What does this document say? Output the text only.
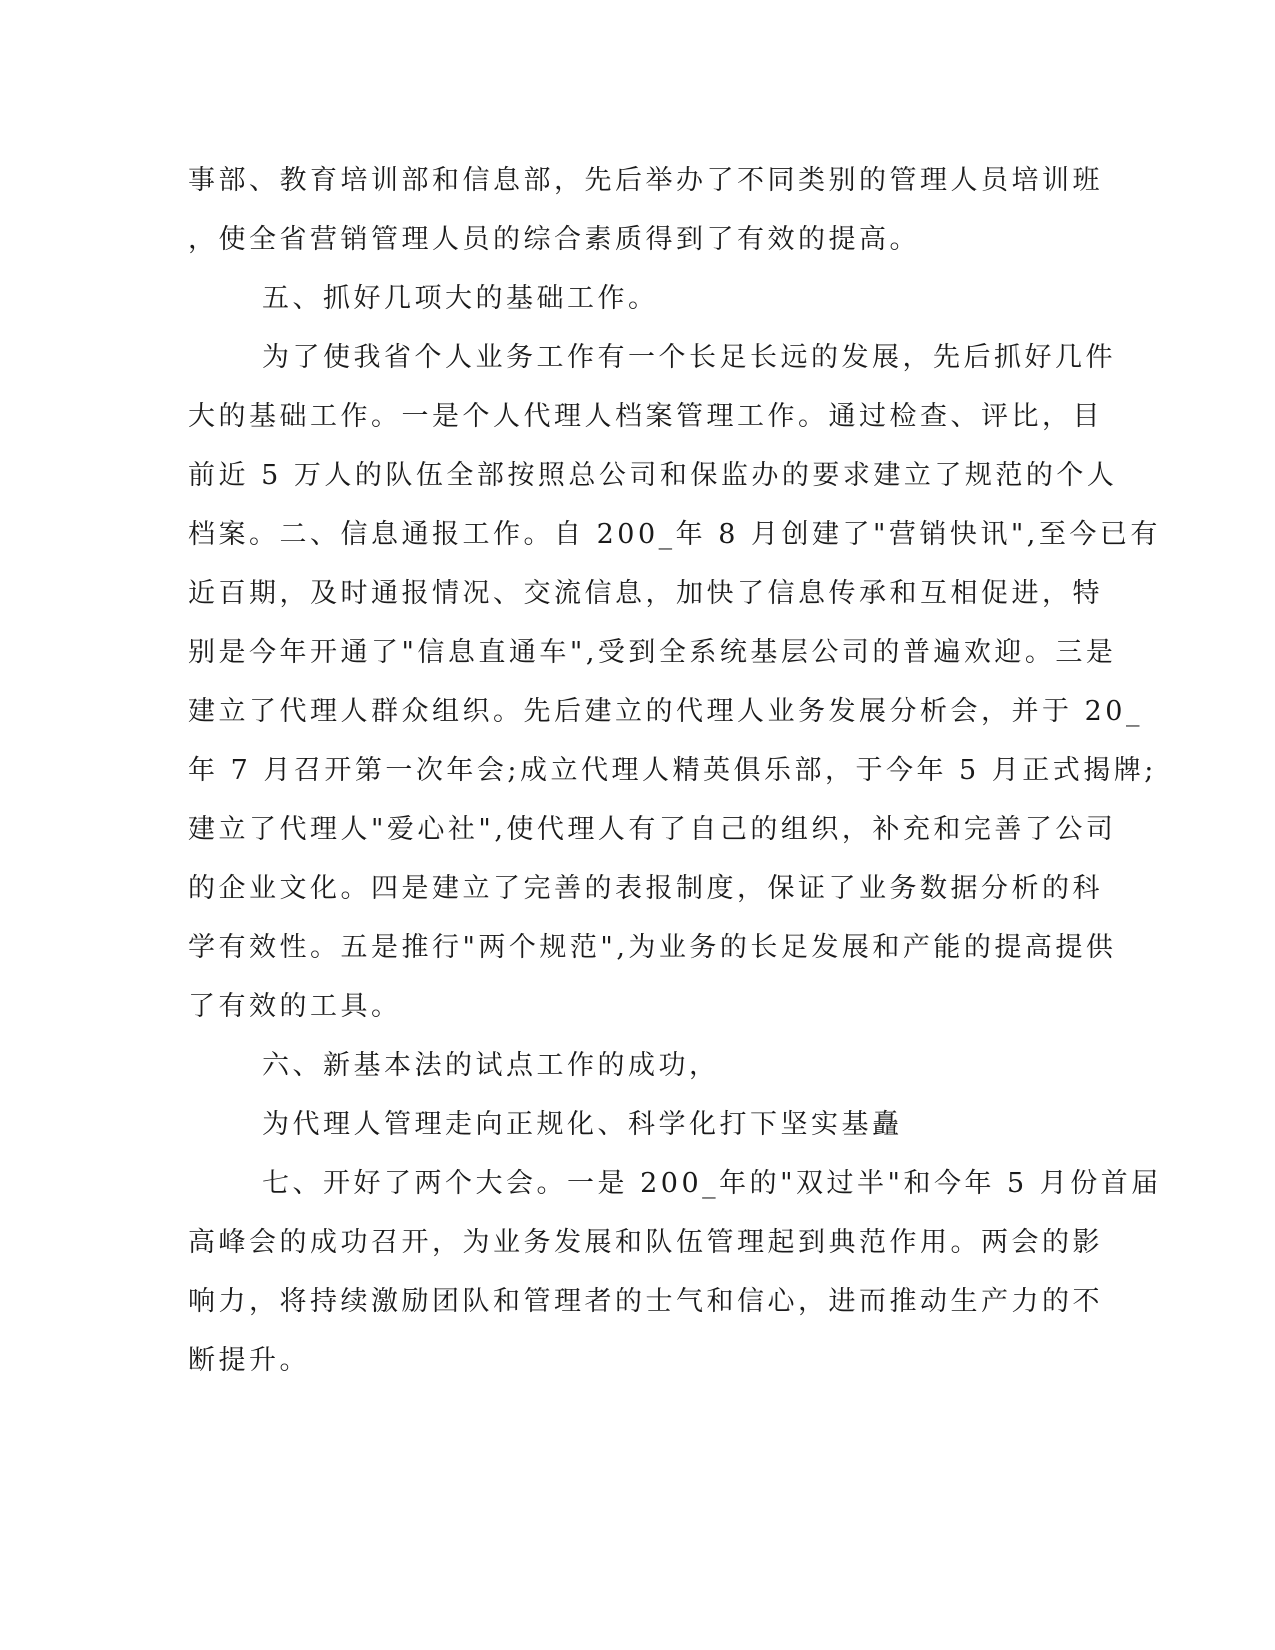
事部、教育培训部和信息部，先后举办了不同类别的管理人员培训班
，使全省营销管理人员的综合素质得到了有效的提高。
五、抓好几项大的基础工作。
为了使我省个人业务工作有一个长足长远的发展，先后抓好几件
大的基础工作。一是个人代理人档案管理工作。通过检查、评比，目
前近 5 万人的队伍全部按照总公司和保监办的要求建立了规范的个人
档案。二、信息通报工作。自 200_年 8 月创建了"营销快讯",至今已有
近百期，及时通报情况、交流信息，加快了信息传承和互相促进，特
别是今年开通了"信息直通车",受到全系统基层公司的普遍欢迎。三是
建立了代理人群众组织。先后建立的代理人业务发展分析会，并于 20_
年 7 月召开第一次年会;成立代理人精英俱乐部，于今年 5 月正式揭牌;
建立了代理人"爱心社",使代理人有了自己的组织，补充和完善了公司
的企业文化。四是建立了完善的表报制度，保证了业务数据分析的科
学有效性。五是推行"两个规范",为业务的长足发展和产能的提高提供
了有效的工具。
六、新基本法的试点工作的成功，
为代理人管理走向正规化、科学化打下坚实基矗
七、开好了两个大会。一是 200_年的"双过半"和今年 5 月份首届
高峰会的成功召开，为业务发展和队伍管理起到典范作用。两会的影
响力，将持续激励团队和管理者的士气和信心，进而推动生产力的不
断提升。
